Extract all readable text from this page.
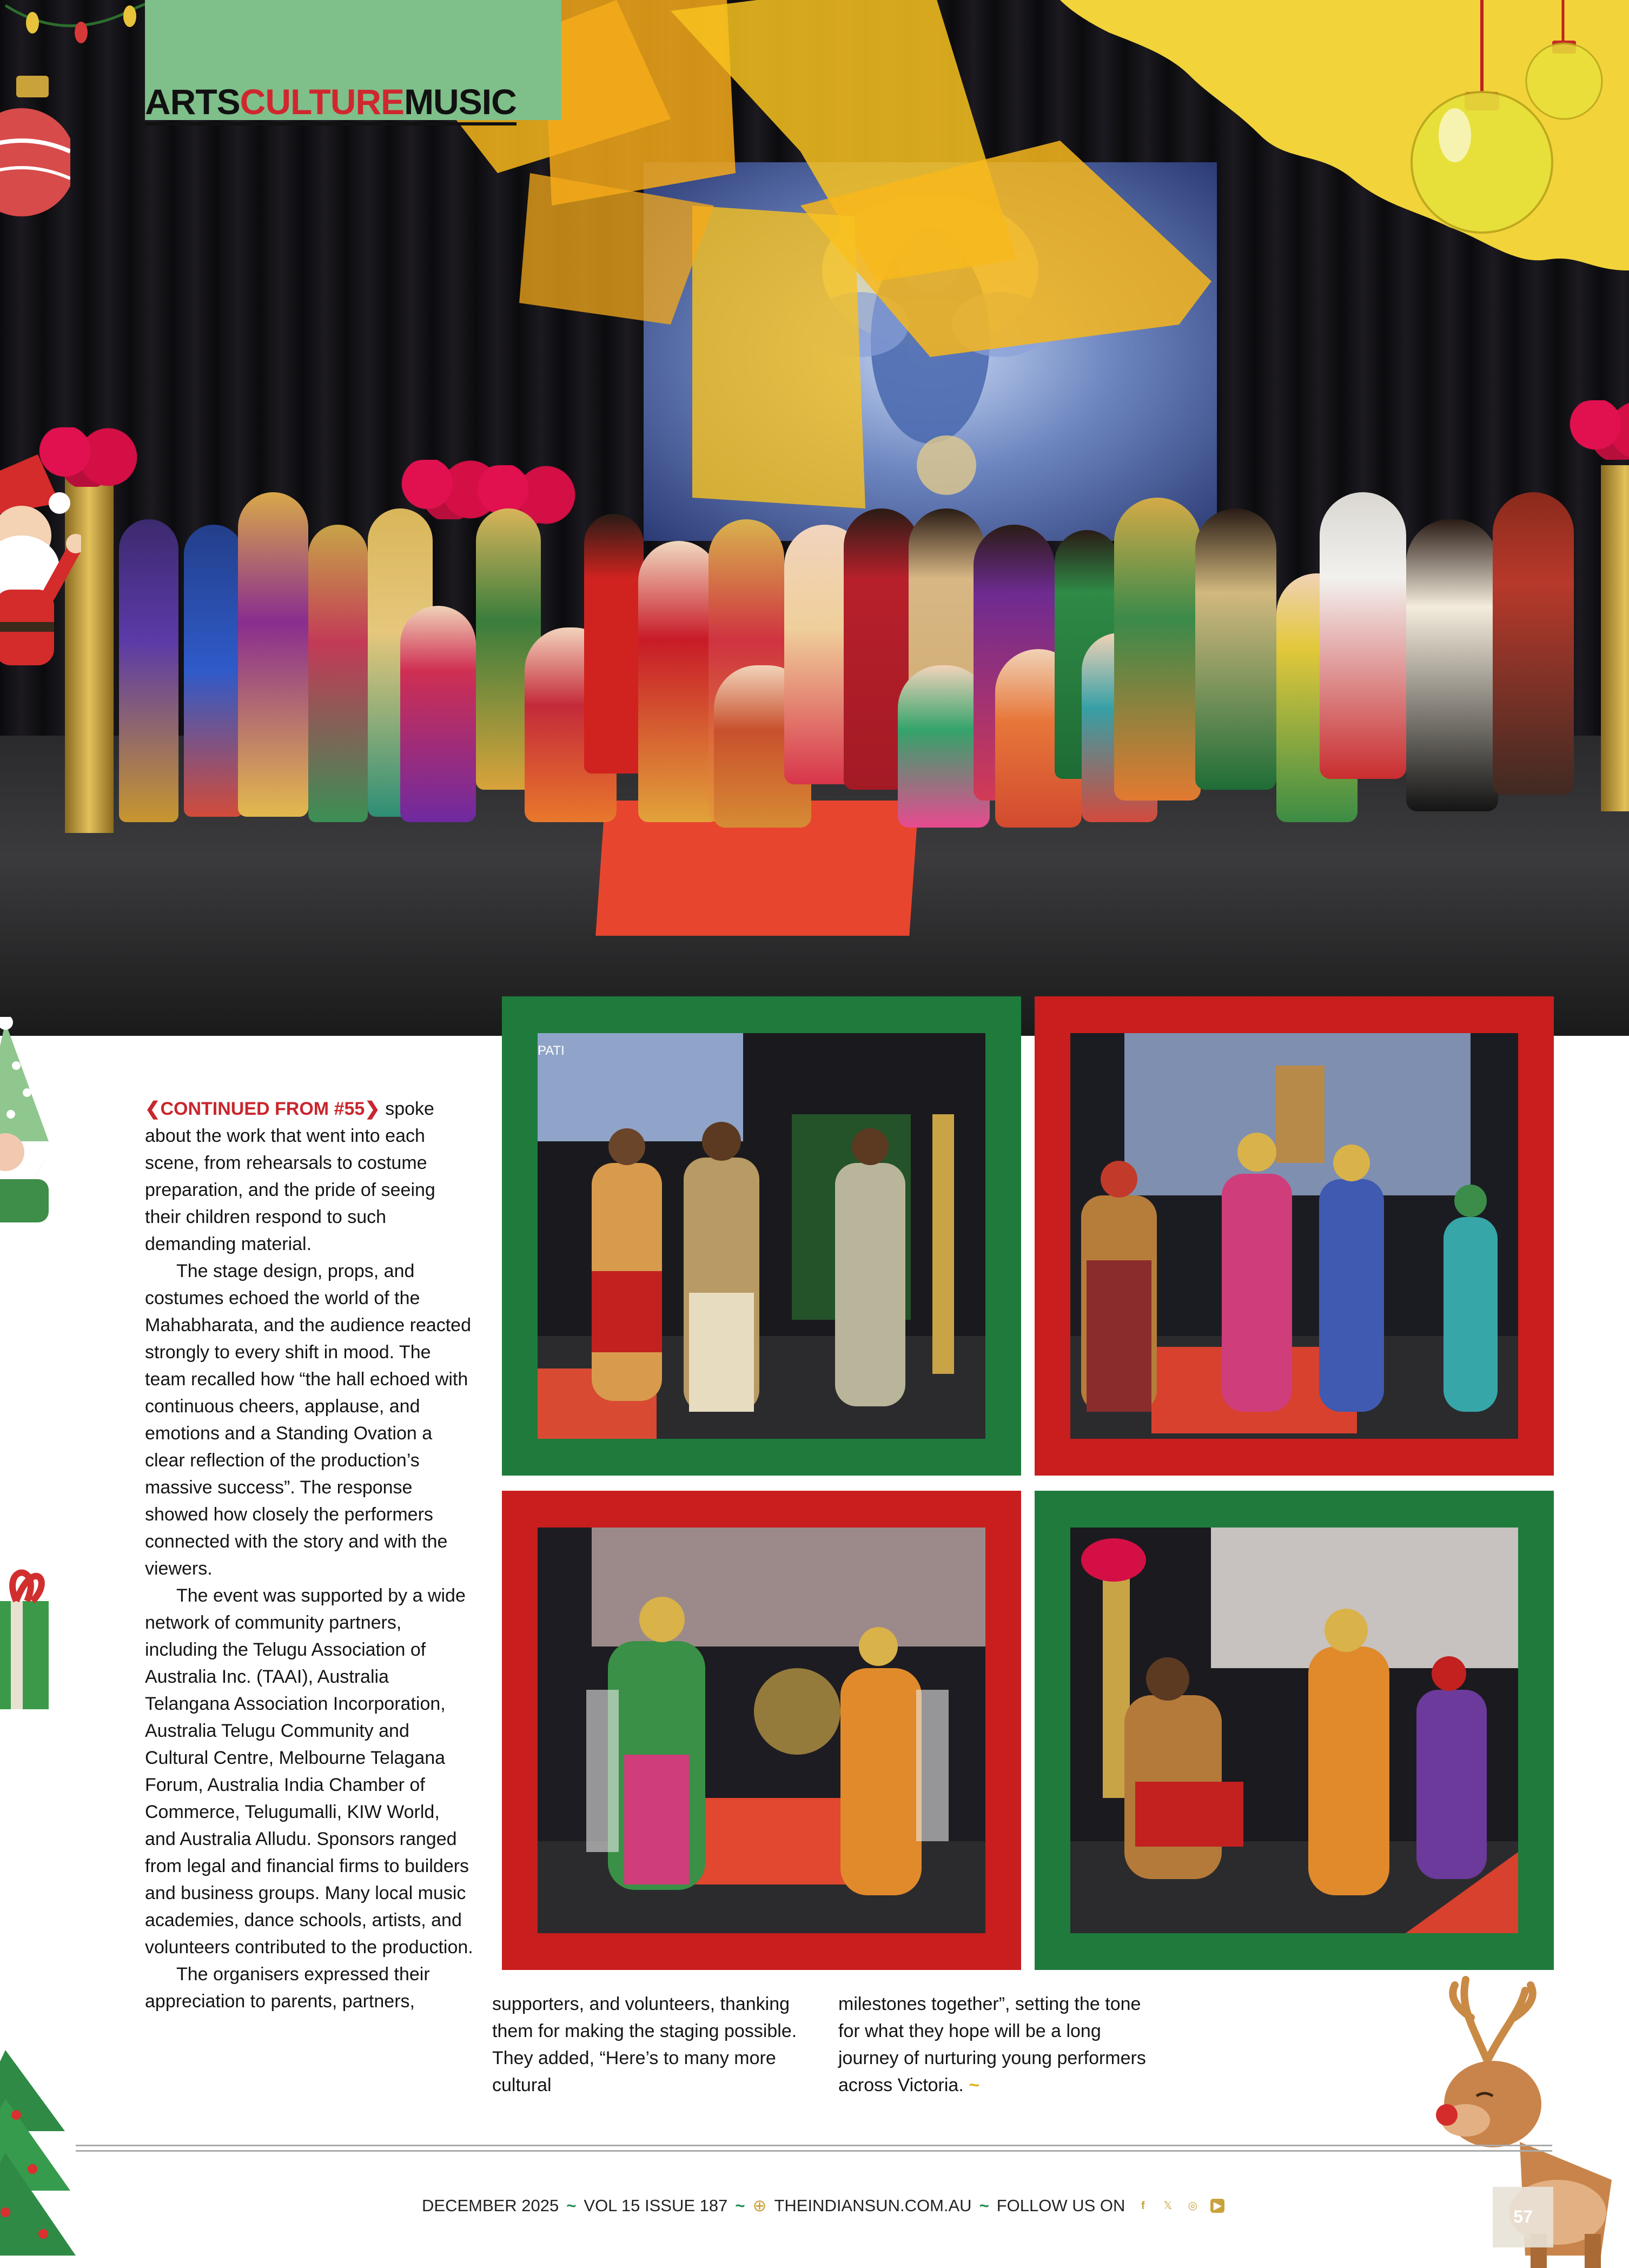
ARTSCULTUREMUSIC

❮CONTINUED FROM #55❯ spoke about the work that went into each scene, from rehearsals to costume preparation, and the pride of seeing their children respond to such demanding material.

The stage design, props, and costumes echoed the world of the Mahabharata, and the audience reacted strongly to every shift in mood. The team recalled how “the hall echoed with continuous cheers, applause, and emotions and a Standing Ovation a clear reflection of the production’s massive success”. The response showed how closely the performers connected with the story and with the viewers.

The event was supported by a wide network of community partners, including the Telugu Association of Australia Inc. (TAAI), Australia Telangana Association Incorporation, Australia Telugu Community and Cultural Centre, Melbourne Telagana Forum, Australia India Chamber of Commerce, Telugumalli, KIW World, and Australia Alludu. Sponsors ranged from legal and financial firms to builders and business groups. Many local music academies, dance schools, artists, and volunteers contributed to the production.

The organisers expressed their appreciation to parents, partners,	supporters, and volunteers, thanking them for making the staging possible. They added, “Here’s to many more cultural

milestones together”, setting the tone for what they hope will be a long journey of nurturing young performers across Victoria. ~

PATI
DECEMBER 2025 ~ VOL 15 ISSUE 187 ~ ⊕ THEINDIANSUN.COM.AU ~ FOLLOW US ON	f	𝕏 ◎ ▶
57
